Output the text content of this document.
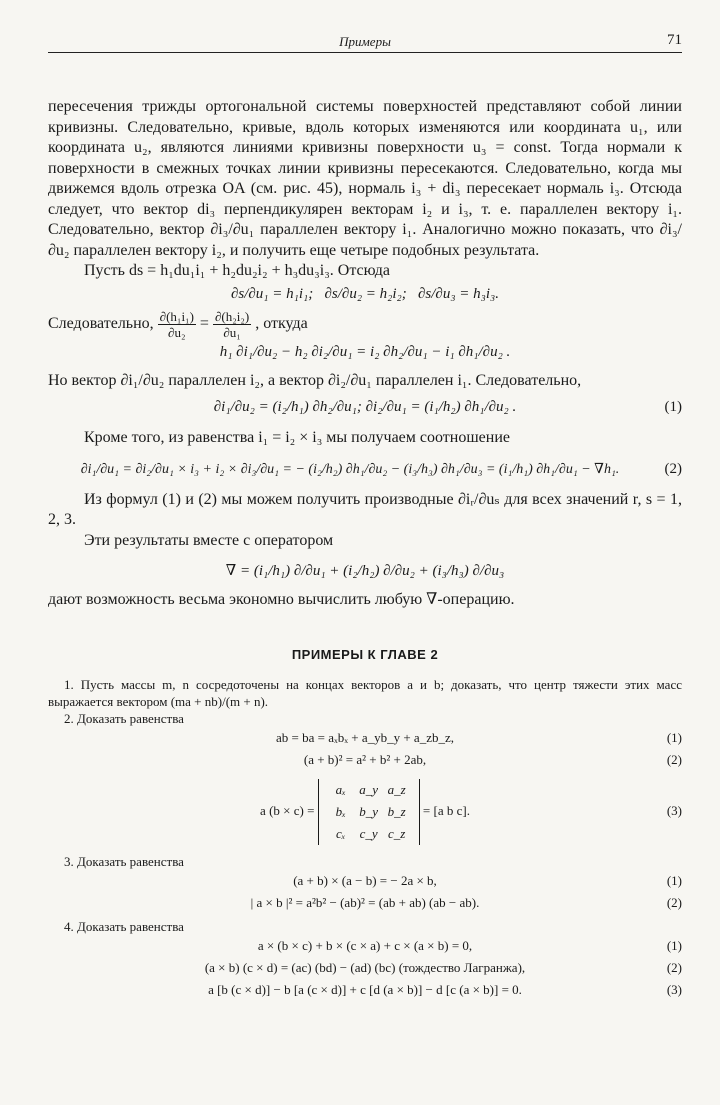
Примеры	71

пересечения трижды ортогональной системы поверхностей представляют собой линии кривизны. Следовательно, кривые, вдоль которых изменяются или координата u₁, или координата u₂, являются линиями кривизны поверхности u₃ = const. Тогда нормали к поверхности в смежных точках линии кривизны пересекаются. Следовательно, когда мы движемся вдоль отрезка OA (см. рис. 45), нормаль i₃ + di₃ пересекает нормаль i₃. Отсюда следует, что вектор di₃ перпендикулярен векторам i₂ и i₃, т. е. параллелен вектору i₁. Следовательно, вектор ∂i₃/∂u₁ параллелен вектору i₁. Аналогично можно показать, что ∂i₃/∂u₂ параллелен вектору i₂, и получить еще четыре подобных результата.

Пусть ds = h₁du₁i₁ + h₂du₂i₂ + h₃du₃i₃. Отсюда

∂s/∂u₁ = h₁i₁; ∂s/∂u₂ = h₂i₂; ∂s/∂u₃ = h₃i₃.
Следовательно, $\frac{\text{∂(h₁i₁)}}{\text{∂u₂}} = \frac{\text{∂(h₂i₂)}}{\text{∂u₁}}$ , откуда
h₁ ∂i₁/∂u₂ − h₂ ∂i₂/∂u₁ = i₂ ∂h₂/∂u₁ − i₁ ∂h₁/∂u₂ .

Но вектор ∂i₁/∂u₂ параллелен i₂, а вектор ∂i₂/∂u₁ параллелен i₁. Следовательно,

∂i₁/∂u₂ = (i₂/h₁) ∂h₂/∂u₁; ∂i₂/∂u₁ = (i₁/h₂) ∂h₁/∂u₂ .	(1)

Кроме того, из равенства i₁ = i₂ × i₃ мы получаем соотношение

∂i₁/∂u₁ = ∂i₂/∂u₁ × i₃ + i₂ × ∂i₃/∂u₁ = − (i₂/h₂) ∂h₁/∂u₂ − (i₃/h₃) ∂h₁/∂u₃ = (i₁/h₁) ∂h₁/∂u₁ − ∇h₁.	(2)

Из формул (1) и (2) мы можем получить производные ∂iᵣ/∂uₛ для всех значений r, s = 1, 2, 3.

Эти результаты вместе с оператором

∇ = (i₁/h₁) ∂/∂u₁ + (i₂/h₂) ∂/∂u₂ + (i₃/h₃) ∂/∂u₃

дают возможность весьма экономно вычислить любую ∇-операцию.

ПРИМЕРЫ К ГЛАВЕ 2

1. Пусть массы m, n сосредоточены на концах векторов a и b; доказать, что центр тяжести этих масс выражается вектором (ma + nb)/(m + n).

2. Доказать равенства

ab = ba = aₓbₓ + a_yb_y + a_zb_z,	(1)
(a + b)² = a² + b² + 2ab,	(2)
a (b × c) =
aₓ a_y a_z
bₓ b_y b_z
cₓ c_y c_z
= [a b c].	(3)

3. Доказать равенства

(a + b) × (a − b) = − 2a × b,	(1)
| a × b |² = a²b² − (ab)² = (ab + ab) (ab − ab).	(2)

4. Доказать равенства

a × (b × c) + b × (c × a) + c × (a × b) = 0,	(1)
(a × b) (c × d) = (ac) (bd) − (ad) (bc) (тождество Лагранжа),	(2)
a [b (c × d)] − b [a (c × d)] + c [d (a × b)] − d [c (a × b)] = 0.	(3)
